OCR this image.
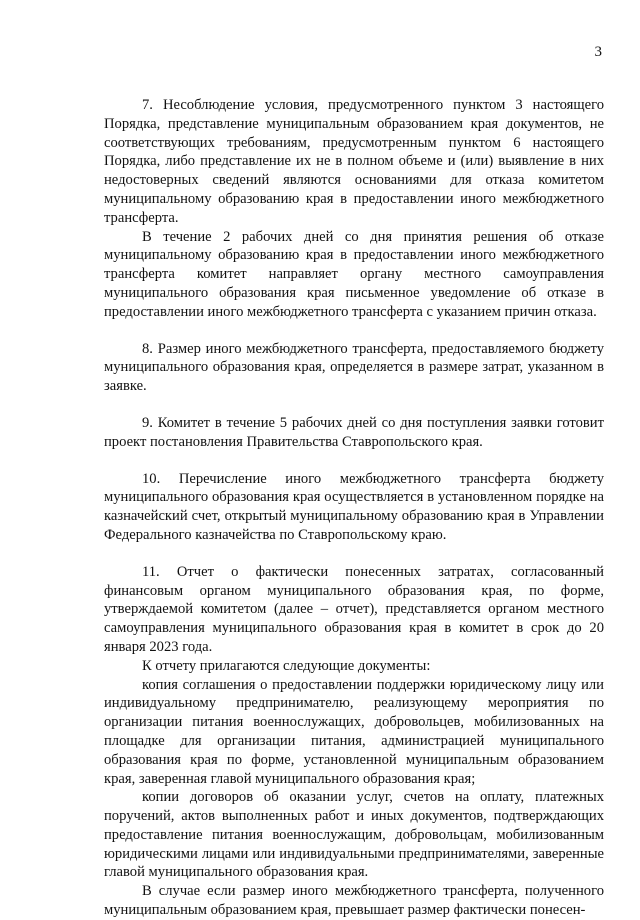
3

7. Несоблюдение условия, предусмотренного пунктом 3 настоящего Порядка, представление муниципальным образованием края документов, не соответствующих требованиям, предусмотренным пунктом 6 настоящего Порядка, либо представление их не в полном объеме и (или) выявление в них недостоверных сведений являются основаниями для отказа комитетом муниципальному образованию края в предоставлении иного межбюджетного трансферта.

В течение 2 рабочих дней со дня принятия решения об отказе муниципальному образованию края в предоставлении иного межбюджетного трансферта комитет направляет органу местного самоуправления муниципального образования края письменное уведомление об отказе в предоставлении иного межбюджетного трансферта с указанием причин отказа.

8. Размер иного межбюджетного трансферта, предоставляемого бюджету муниципального образования края, определяется в размере затрат, указанном в заявке.

9. Комитет в течение 5 рабочих дней со дня поступления заявки готовит проект постановления Правительства Ставропольского края.

10. Перечисление иного межбюджетного трансферта бюджету муниципального образования края осуществляется в установленном порядке на казначейский счет, открытый муниципальному образованию края в Управлении Федерального казначейства по Ставропольскому краю.

11. Отчет о фактически понесенных затратах, согласованный финансовым органом муниципального образования края, по форме, утверждаемой комитетом (далее – отчет), представляется органом местного самоуправления муниципального образования края в комитет в срок до 20 января 2023 года.

К отчету прилагаются следующие документы:

копия соглашения о предоставлении поддержки юридическому лицу или индивидуальному предпринимателю, реализующему мероприятия по организации питания военнослужащих, добровольцев, мобилизованных на площадке для организации питания, администрацией муниципального образования края по форме, установленной муниципальным образованием края, заверенная главой муниципального образования края;

копии договоров об оказании услуг, счетов на оплату, платежных поручений, актов выполненных работ и иных документов, подтверждающих предоставление питания военнослужащим, добровольцам, мобилизованным юридическими лицами или индивидуальными предпринимателями, заверенные главой муниципального образования края.

В случае если размер иного межбюджетного трансферта, полученного муниципальным образованием края, превышает размер фактически понесен-
